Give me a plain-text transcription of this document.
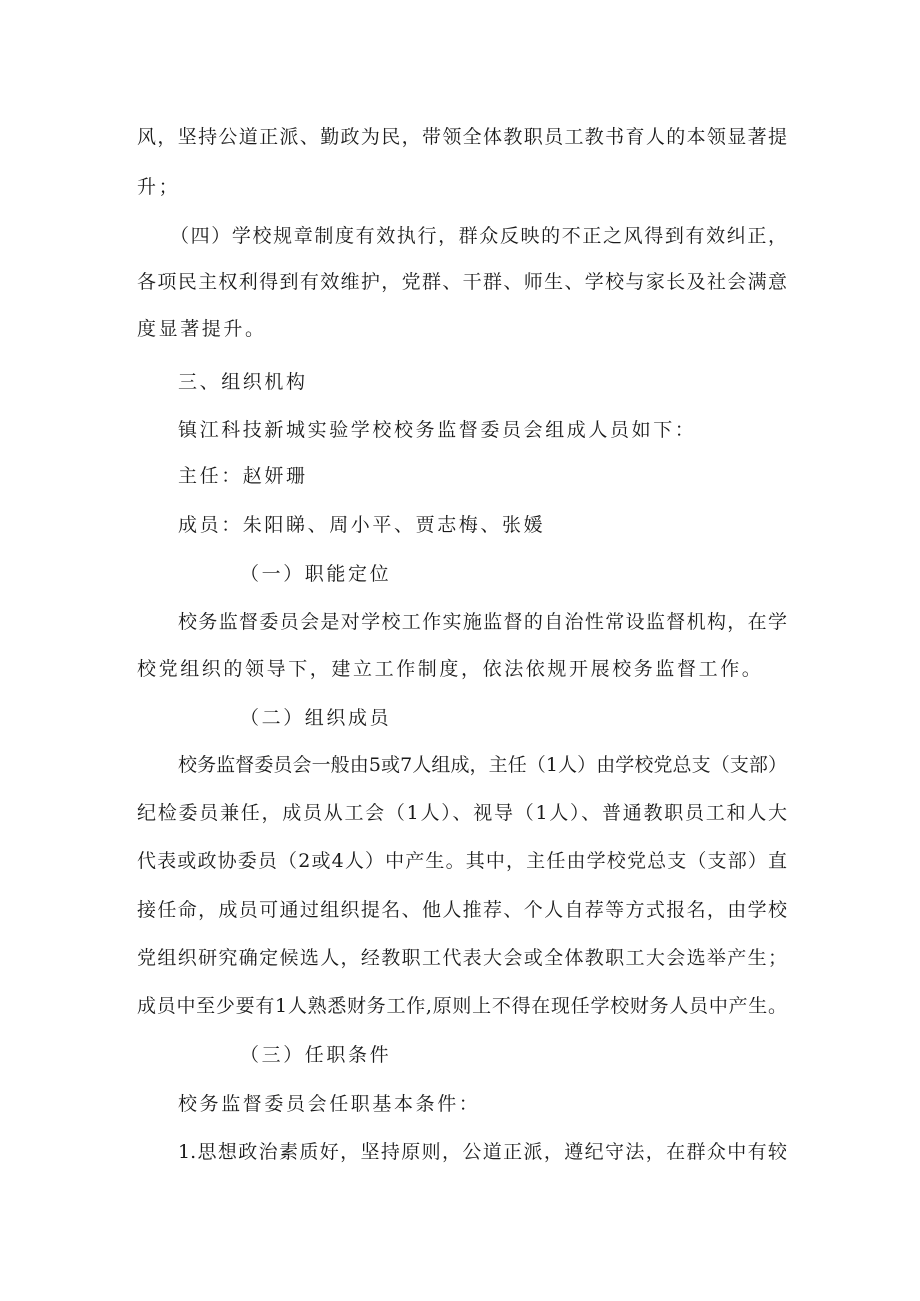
风，坚持公道正派、勤政为民，带领全体教职员工教书育人的本领显著提
升；
（四）学校规章制度有效执行，群众反映的不正之风得到有效纠正，
各项民主权利得到有效维护，党群、干群、师生、学校与家长及社会满意
度显著提升。
三、组织机构
镇江科技新城实验学校校务监督委员会组成人员如下：
主任：赵妍珊
成员：朱阳睇、周小平、贾志梅、张媛
（一）职能定位
校务监督委员会是对学校工作实施监督的自治性常设监督机构，在学
校党组织的领导下，建立工作制度，依法依规开展校务监督工作。
（二）组织成员
校务监督委员会一般由5或7人组成，主任（1人）由学校党总支（支部）
纪检委员兼任，成员从工会（1人）、视导（1人）、普通教职员工和人大
代表或政协委员（2或4人）中产生。其中，主任由学校党总支（支部）直
接任命，成员可通过组织提名、他人推荐、个人自荐等方式报名，由学校
党组织研究确定候选人，经教职工代表大会或全体教职工大会选举产生；
成员中至少要有1人熟悉财务工作,原则上不得在现任学校财务人员中产生。
（三）任职条件
校务监督委员会任职基本条件：
1.思想政治素质好，坚持原则，公道正派，遵纪守法，在群众中有较
